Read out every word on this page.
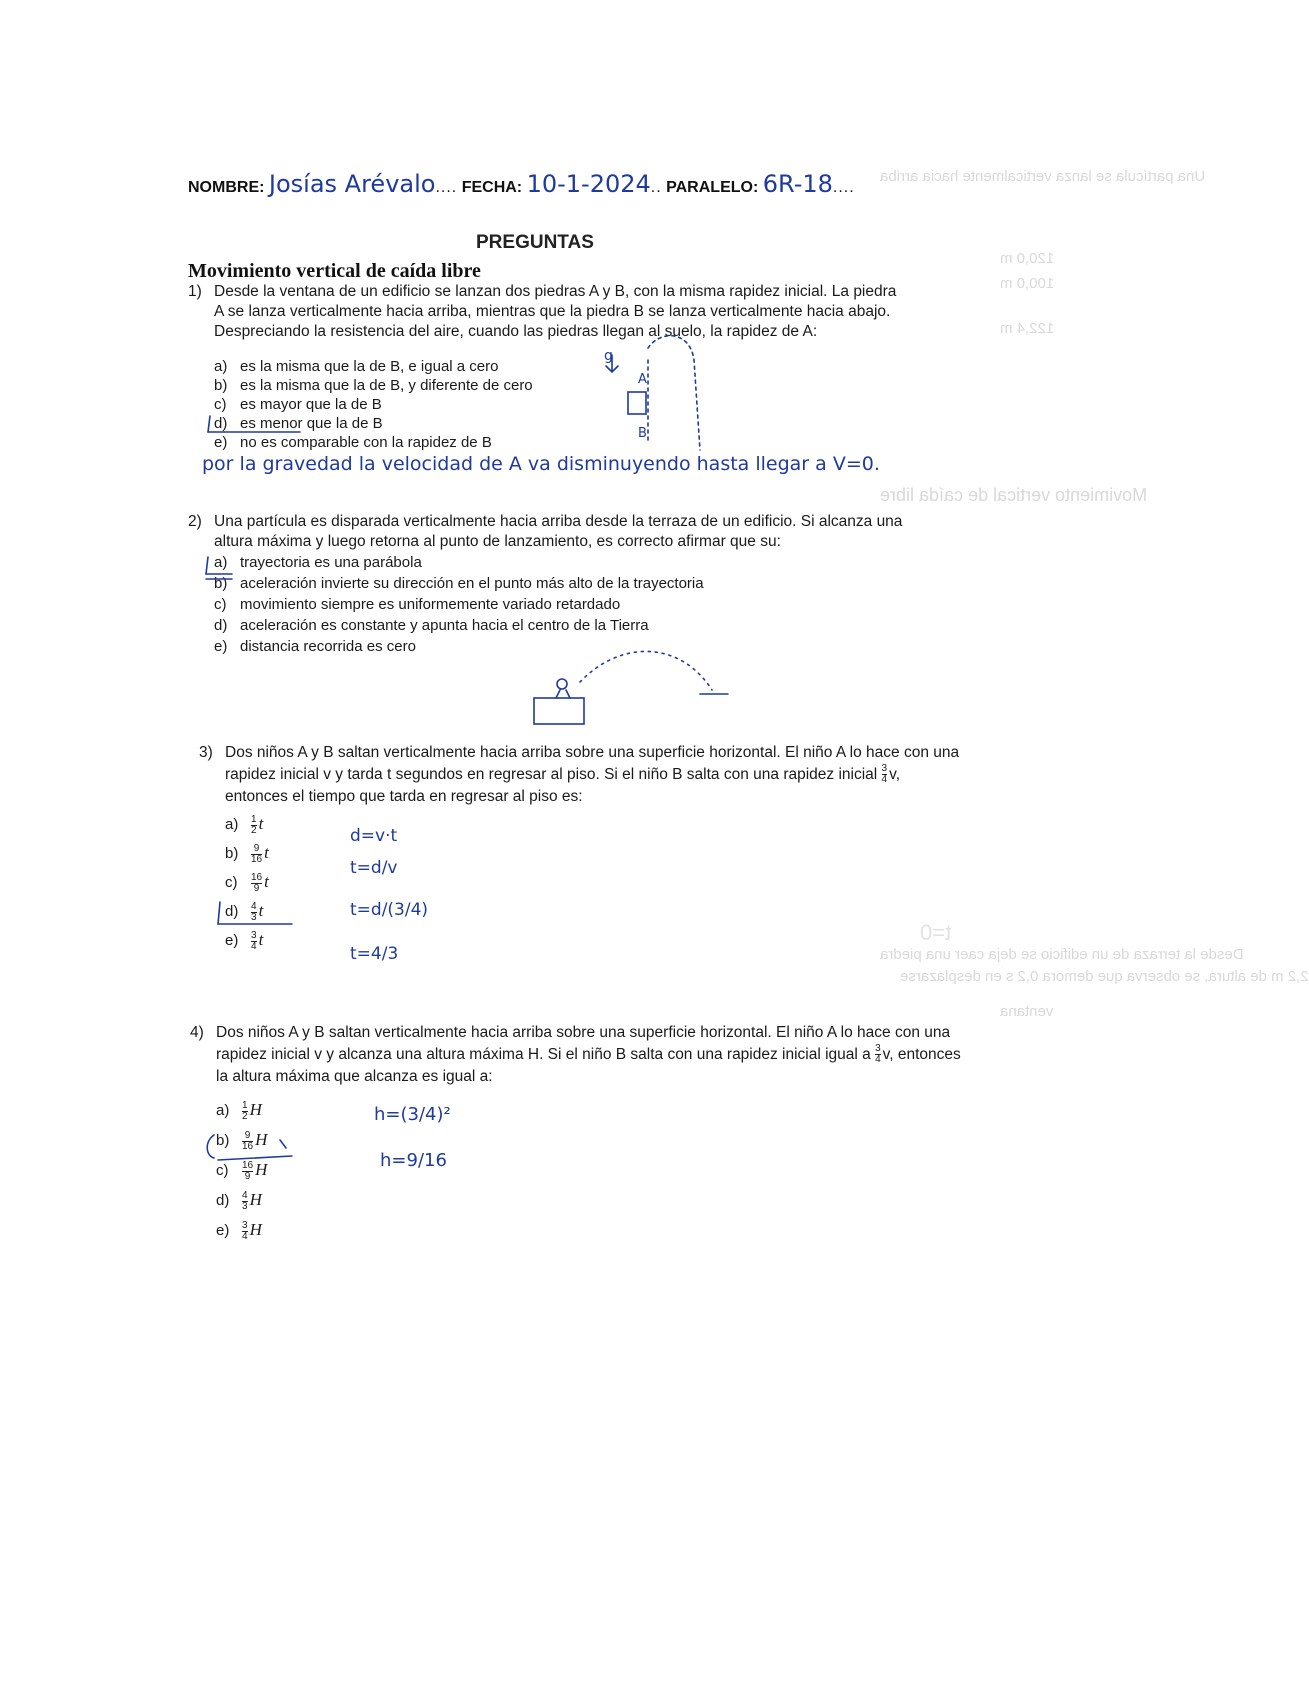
Una partícula se lanza verticalmente hacia arriba
120,0 m
100,0 m
122,4 m
Movimiento vertical de caída libre
Desde la terraza de un edificio se deja caer una piedra
2,2 m de altura, se observa que demora 0,2 s en desplazarse
ventana
t=0
NOMBRE: Josías Arévalo.... FECHA: 10-1-2024.. PARALELO: 6R-18....
PREGUNTAS
Movimiento vertical de caída libre
1) Desde la ventana de un edificio se lanzan dos piedras A y B, con la misma rapidez inicial. La piedra A se lanza verticalmente hacia arriba, mientras que la piedra B se lanza verticalmente hacia abajo. Despreciando la resistencia del aire, cuando las piedras llegan al suelo, la rapidez de A:
a) es la misma que la de B, e igual a cero
b) es la misma que la de B, y diferente de cero
c) es mayor que la de B
d) es menor que la de B
e) no es comparable con la rapidez de B
por la gravedad la velocidad de A va disminuyendo hasta llegar a V=0.
g
A
B
2) Una partícula es disparada verticalmente hacia arriba desde la terraza de un edificio. Si alcanza una altura máxima y luego retorna al punto de lanzamiento, es correcto afirmar que su:
a) trayectoria es una parábola
b) aceleración invierte su dirección en el punto más alto de la trayectoria
c) movimiento siempre es uniformemente variado retardado
d) aceleración es constante y apunta hacia el centro de la Tierra
e) distancia recorrida es cero
3) Dos niños A y B saltan verticalmente hacia arriba sobre una superficie horizontal. El niño A lo hace con una rapidez inicial v y tarda t segundos en regresar al piso. Si el niño B salta con una rapidez inicial $\frac{3}{4} v$, entonces el tiempo que tarda en regresar al piso es:
$a) \frac{1}{2}$ t
$b) \frac{9}{16}$ t
$c) \frac{16}{9}$ t
$d) \frac{4}{3}$ t
$e) \frac{3}{4}$ t
d=v·t
t=d/v
t=d/(3/4)
t=4/3
4) Dos niños A y B saltan verticalmente hacia arriba sobre una superficie horizontal. El niño A lo hace con una rapidez inicial v y alcanza una altura máxima H. Si el niño B salta con una rapidez inicial igual a $\frac{3}{4} v$, entonces la altura máxima que alcanza es igual a:
$a) \frac{1}{2}$ H
$b) \frac{9}{16}$ H
$c) \frac{16}{9}$ H
$d) \frac{4}{3}$ H
$e) \frac{3}{4}$ H
h=(3/4)²
h=9/16
